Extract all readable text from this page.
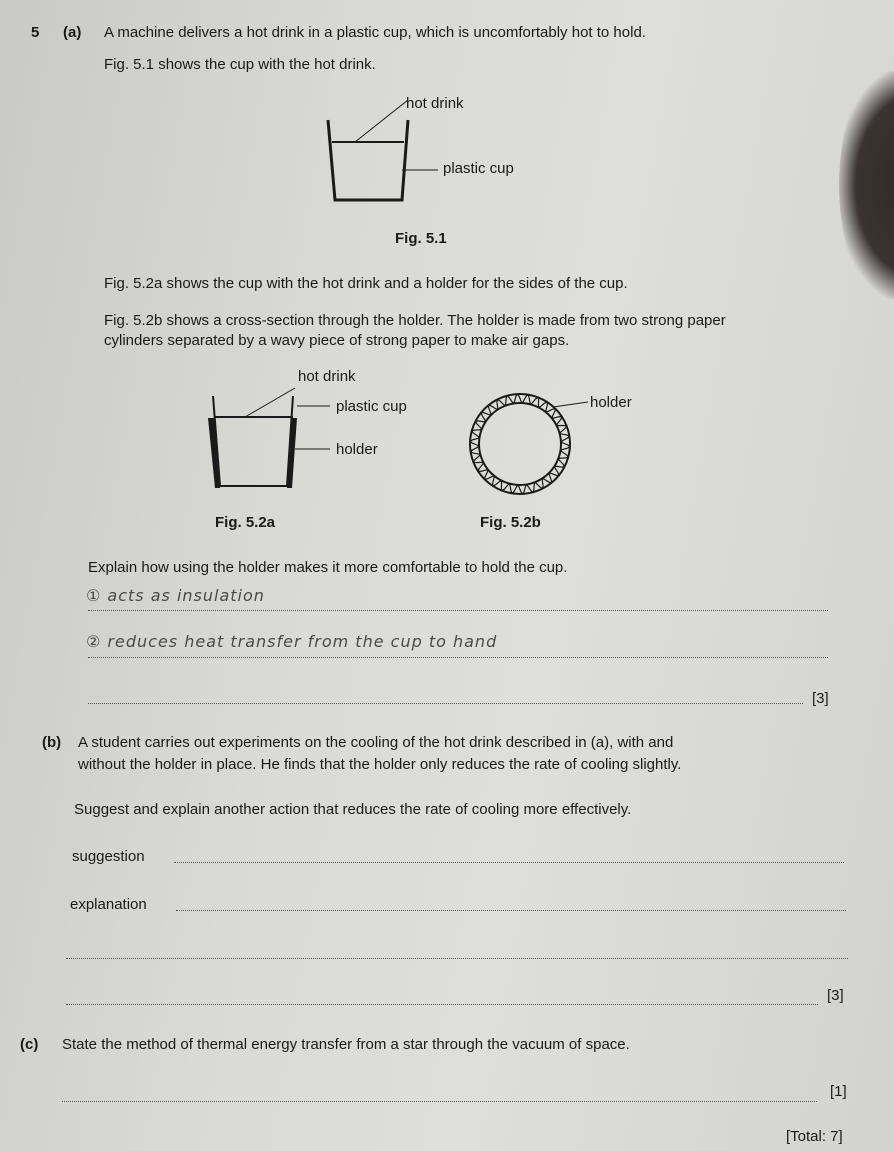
5 (a) A machine delivers a hot drink in a plastic cup, which is uncomfortably hot to hold.
Fig. 5.1 shows the cup with the hot drink.
hot drink
plastic cup
Fig. 5.1
Fig. 5.2a shows the cup with the hot drink and a holder for the sides of the cup.
Fig. 5.2b shows a cross-section through the holder. The holder is made from two strong paper
cylinders separated by a wavy piece of strong paper to make air gaps.
hot drink
plastic cup
holder
Fig. 5.2a
holder
Fig. 5.2b
Explain how using the holder makes it more comfortable to hold the cup.
① acts as insulation
② reduces heat transfer from the cup to hand
[3]
(b) A student carries out experiments on the cooling of the hot drink described in (a), with and
without the holder in place. He finds that the holder only reduces the rate of cooling slightly.
Suggest and explain another action that reduces the rate of cooling more effectively.
suggestion
explanation
[3]
(c) State the method of thermal energy transfer from a star through the vacuum of space.
[1]
[Total: 7]
